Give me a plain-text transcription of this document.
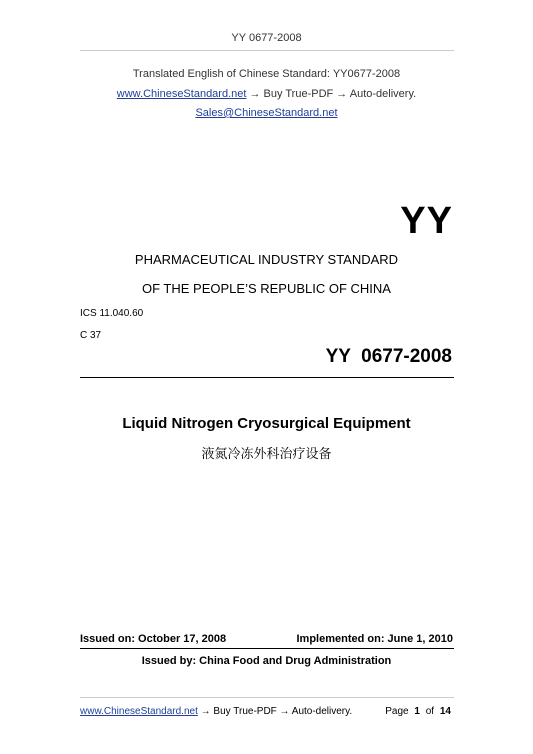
YY 0677-2008
Translated English of Chinese Standard: YY0677-2008
www.ChineseStandard.net → Buy True-PDF → Auto-delivery.
Sales@ChineseStandard.net
YY
PHARMACEUTICAL INDUSTRY STANDARD
OF THE PEOPLE’S REPUBLIC OF CHINA
ICS 11.040.60
C 37
YY  0677-2008
Liquid Nitrogen Cryosurgical Equipment
液氮冷冻外科治疗设备
Issued on: October 17, 2008	Implemented on: June 1, 2010
Issued by: China Food and Drug Administration
www.ChineseStandard.net → Buy True-PDF → Auto-delivery.	Page 1 of 14
